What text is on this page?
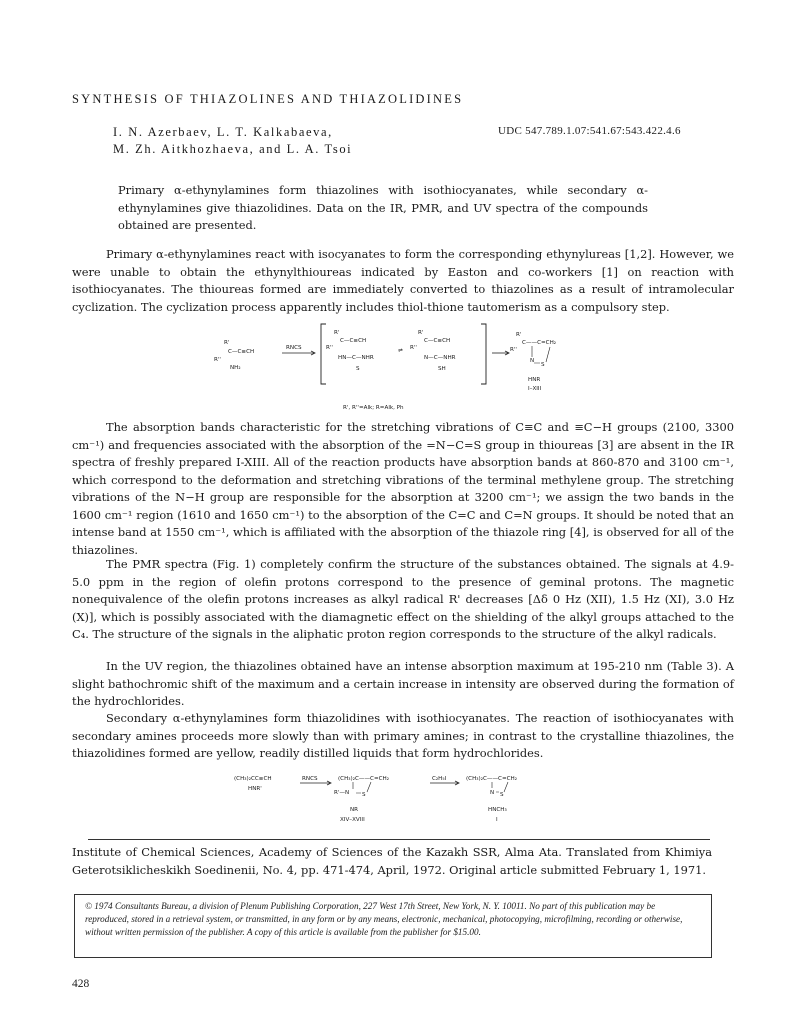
SYNTHESIS OF THIAZOLINES AND THIAZOLIDINES
I. N. Azerbaev, L. T. Kalkabaeva,
M. Zh. Aitkhozhaeva, and L. A. Tsoi
UDC 547.789.1.07:541.67:543.422.4.6

Primary α-ethynylamines form thiazolines with isothiocyanates, while secondary α-ethynylamines give thiazolidines. Data on the IR, PMR, and UV spectra of the compounds obtained are presented.

Primary α-ethynylamines react with isocyanates to form the corresponding ethynylureas [1,2]. However, we were unable to obtain the ethynylthioureas indicated by Easton and co-workers [1] on reaction with isothiocyanates. The thioureas formed are immediately converted to thiazolines as a result of intramolecular cyclization. The cyclization process apparently includes thiol-thione tautomerism as a compulsory step.

R'
C—C≡CH
R''
NH₂
RNCS
R'
C—C≡CH
R''
HN—C—NHR
S
⇌
R'
C—C≡CH
R''
N—C—NHR
SH
R'
C——C=CH₂
R''
N
S
HNR
I–XIII
R', R''=Alk; R=Alk, Ph

The absorption bands characteristic for the stretching vibrations of C≡C and ≡C−H groups (2100, 3300 cm⁻¹) and frequencies associated with the absorption of the =N−C=S group in thioureas [3] are absent in the IR spectra of freshly prepared I-XIII. All of the reaction products have absorption bands at 860-870 and 3100 cm⁻¹, which correspond to the deformation and stretching vibrations of the terminal methylene group. The stretching vibrations of the N−H group are responsible for the absorption at 3200 cm⁻¹; we assign the two bands in the 1600 cm⁻¹ region (1610 and 1650 cm⁻¹) to the absorption of the C=C and C=N groups. It should be noted that an intense band at 1550 cm⁻¹, which is affiliated with the absorption of the thiazole ring [4], is observed for all of the thiazolines.

The PMR spectra (Fig. 1) completely confirm the structure of the substances obtained. The signals at 4.9-5.0 ppm in the region of olefin protons correspond to the presence of geminal protons. The magnetic nonequivalence of the olefin protons increases as alkyl radical R' decreases [Δδ 0 Hz (XII), 1.5 Hz (XI), 3.0 Hz (X)], which is possibly associated with the diamagnetic effect on the shielding of the alkyl groups attached to the C₄. The structure of the signals in the aliphatic proton region corresponds to the structure of the alkyl radicals.

In the UV region, the thiazolines obtained have an intense absorption maximum at 195-210 nm (Table 3). A slight bathochromic shift of the maximum and a certain increase in intensity are observed during the formation of the hydrochlorides.

Secondary α-ethynylamines form thiazolidines with isothiocyanates. The reaction of isothiocyanates with secondary amines proceeds more slowly than with primary amines; in contrast to the crystalline thiazolines, the thiazolidines formed are yellow, readily distilled liquids that form hydrochlorides.

(CH₃)₂CC≡CH
HNR'
RNCS	(CH₃)₂C——C=CH₂
R'—N S
NR
XIV–XVIII
C₂H₅I	(CH₃)₂C——C=CH₂
N S
HNCH₃
I

Institute of Chemical Sciences, Academy of Sciences of the Kazakh SSR, Alma Ata. Translated from Khimiya Geterotsiklicheskikh Soedinenii, No. 4, pp. 471-474, April, 1972. Original article submitted February 1, 1971.

© 1974 Consultants Bureau, a division of Plenum Publishing Corporation, 227 West 17th Street, New York, N. Y. 10011. No part of this publication may be reproduced, stored in a retrieval system, or transmitted, in any form or by any means, electronic, mechanical, photocopying, microfilming, recording or otherwise, without written permission of the publisher. A copy of this article is available from the publisher for $15.00.
428
